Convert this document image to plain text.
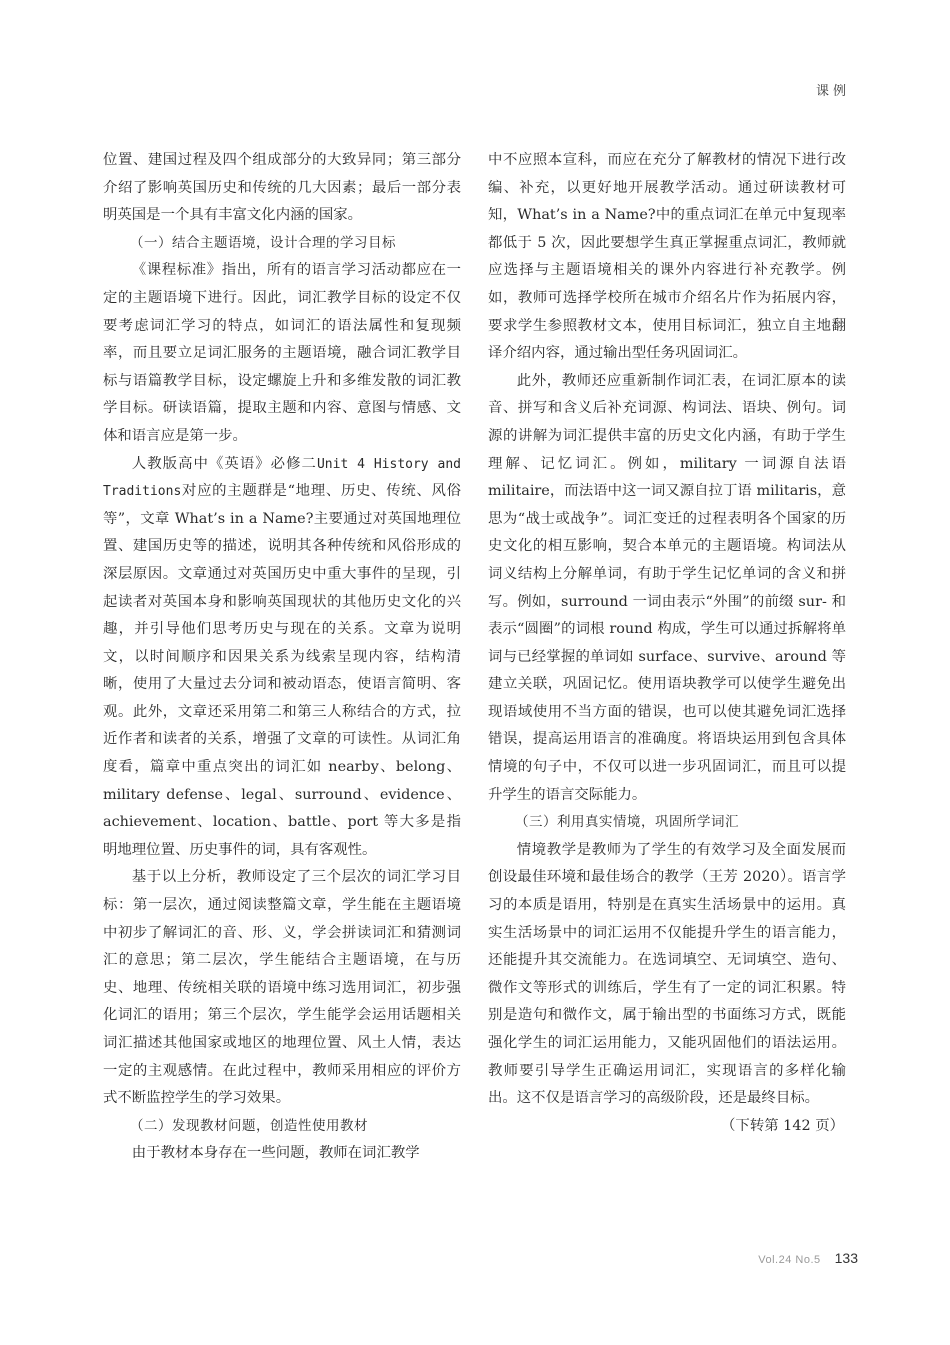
课例

位置、建国过程及四个组成部分的大致异同；第三部分介绍了影响英国历史和传统的几大因素；最后一部分表明英国是一个具有丰富文化内涵的国家。

（一）结合主题语境，设计合理的学习目标

《课程标准》指出，所有的语言学习活动都应在一定的主题语境下进行。因此，词汇教学目标的设定不仅要考虑词汇学习的特点，如词汇的语法属性和复现频率，而且要立足词汇服务的主题语境，融合词汇教学目标与语篇教学目标，设定螺旋上升和多维发散的词汇教学目标。研读语篇，提取主题和内容、意图与情感、文体和语言应是第一步。

人教版高中《英语》必修二Unit 4 History and Traditions对应的主题群是“地理、历史、传统、风俗等”，文章 What’s in a Name?主要通过对英国地理位置、建国历史等的描述，说明其各种传统和风俗形成的深层原因。文章通过对英国历史中重大事件的呈现，引起读者对英国本身和影响英国现状的其他历史文化的兴趣，并引导他们思考历史与现在的关系。文章为说明文，以时间顺序和因果关系为线索呈现内容，结构清晰，使用了大量过去分词和被动语态，使语言简明、客观。此外，文章还采用第二和第三人称结合的方式，拉近作者和读者的关系，增强了文章的可读性。从词汇角度看，篇章中重点突出的词汇如 nearby、belong、military defense、legal、surround、evidence、achievement、location、battle、port 等大多是指明地理位置、历史事件的词，具有客观性。

基于以上分析，教师设定了三个层次的词汇学习目标：第一层次，通过阅读整篇文章，学生能在主题语境中初步了解词汇的音、形、义，学会拼读词汇和猜测词汇的意思；第二层次，学生能结合主题语境，在与历史、地理、传统相关联的语境中练习选用词汇，初步强化词汇的语用；第三个层次，学生能学会运用话题相关词汇描述其他国家或地区的地理位置、风土人情，表达一定的主观感情。在此过程中，教师采用相应的评价方式不断监控学生的学习效果。

（二）发现教材问题，创造性使用教材

由于教材本身存在一些问题，教师在词汇教学

中不应照本宣科，而应在充分了解教材的情况下进行改编、补充，以更好地开展教学活动。通过研读教材可知，What’s in a Name?中的重点词汇在单元中复现率都低于 5 次，因此要想学生真正掌握重点词汇，教师就应选择与主题语境相关的课外内容进行补充教学。例如，教师可选择学校所在城市介绍名片作为拓展内容，要求学生参照教材文本，使用目标词汇，独立自主地翻译介绍内容，通过输出型任务巩固词汇。

此外，教师还应重新制作词汇表，在词汇原本的读音、拼写和含义后补充词源、构词法、语块、例句。词源的讲解为词汇提供丰富的历史文化内涵，有助于学生理解、记忆词汇。例如，military 一词源自法语 militaire，而法语中这一词又源自拉丁语 militaris，意思为“战士或战争”。词汇变迁的过程表明各个国家的历史文化的相互影响，契合本单元的主题语境。构词法从词义结构上分解单词，有助于学生记忆单词的含义和拼写。例如，surround 一词由表示“外围”的前缀 sur- 和表示“圆圈”的词根 round 构成，学生可以通过拆解将单词与已经掌握的单词如 surface、survive、around 等建立关联，巩固记忆。使用语块教学可以使学生避免出现语域使用不当方面的错误，也可以使其避免词汇选择错误，提高运用语言的准确度。将语块运用到包含具体情境的句子中，不仅可以进一步巩固词汇，而且可以提升学生的语言交际能力。

（三）利用真实情境，巩固所学词汇

情境教学是教师为了学生的有效学习及全面发展而创设最佳环境和最佳场合的教学（王芳 2020）。语言学习的本质是语用，特别是在真实生活场景中的运用。真实生活场景中的词汇运用不仅能提升学生的语言能力，还能提升其交流能力。在选词填空、无词填空、造句、微作文等形式的训练后，学生有了一定的词汇积累。特别是造句和微作文，属于输出型的书面练习方式，既能强化学生的词汇运用能力，又能巩固他们的语法运用。教师要引导学生正确运用词汇，实现语言的多样化输出。这不仅是语言学习的高级阶段，还是最终目标。

（下转第 142 页）

Vol.24 No.5 133
